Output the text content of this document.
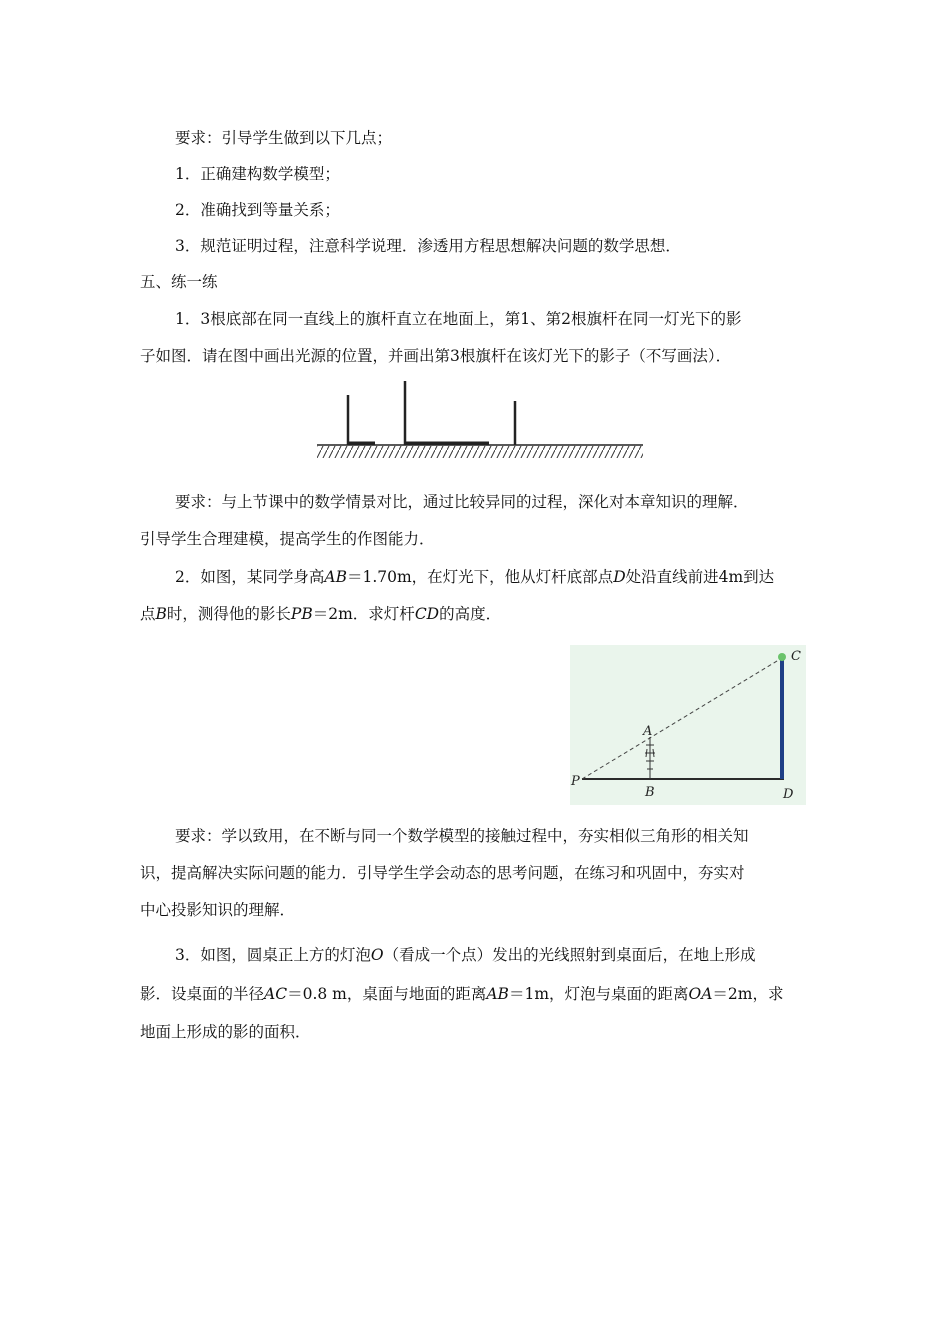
要求：引导学生做到以下几点；
1．正确建构数学模型；
2．准确找到等量关系；
3．规范证明过程，注意科学说理．渗透用方程思想解决问题的数学思想．
五、练一练
1．3根底部在同一直线上的旗杆直立在地面上，第1、第2根旗杆在同一灯光下的影
子如图．请在图中画出光源的位置，并画出第3根旗杆在该灯光下的影子（不写画法）．
要求：与上节课中的数学情景对比，通过比较异同的过程，深化对本章知识的理解．
引导学生合理建模，提高学生的作图能力．
2．如图，某同学身高AB＝1.70m，在灯光下，他从灯杆底部点D处沿直线前进4m到达
点B时，测得他的影长PB＝2m．求灯杆CD的高度．
C
A
P
B	D
要求：学以致用，在不断与同一个数学模型的接触过程中，夯实相似三角形的相关知
识，提高解决实际问题的能力．引导学生学会动态的思考问题，在练习和巩固中，夯实对
中心投影知识的理解．
3．如图，圆桌正上方的灯泡O（看成一个点）发出的光线照射到桌面后，在地上形成
影．设桌面的半径AC＝0.8 m，桌面与地面的距离AB＝1m，灯泡与桌面的距离OA＝2m，求
地面上形成的影的面积．
